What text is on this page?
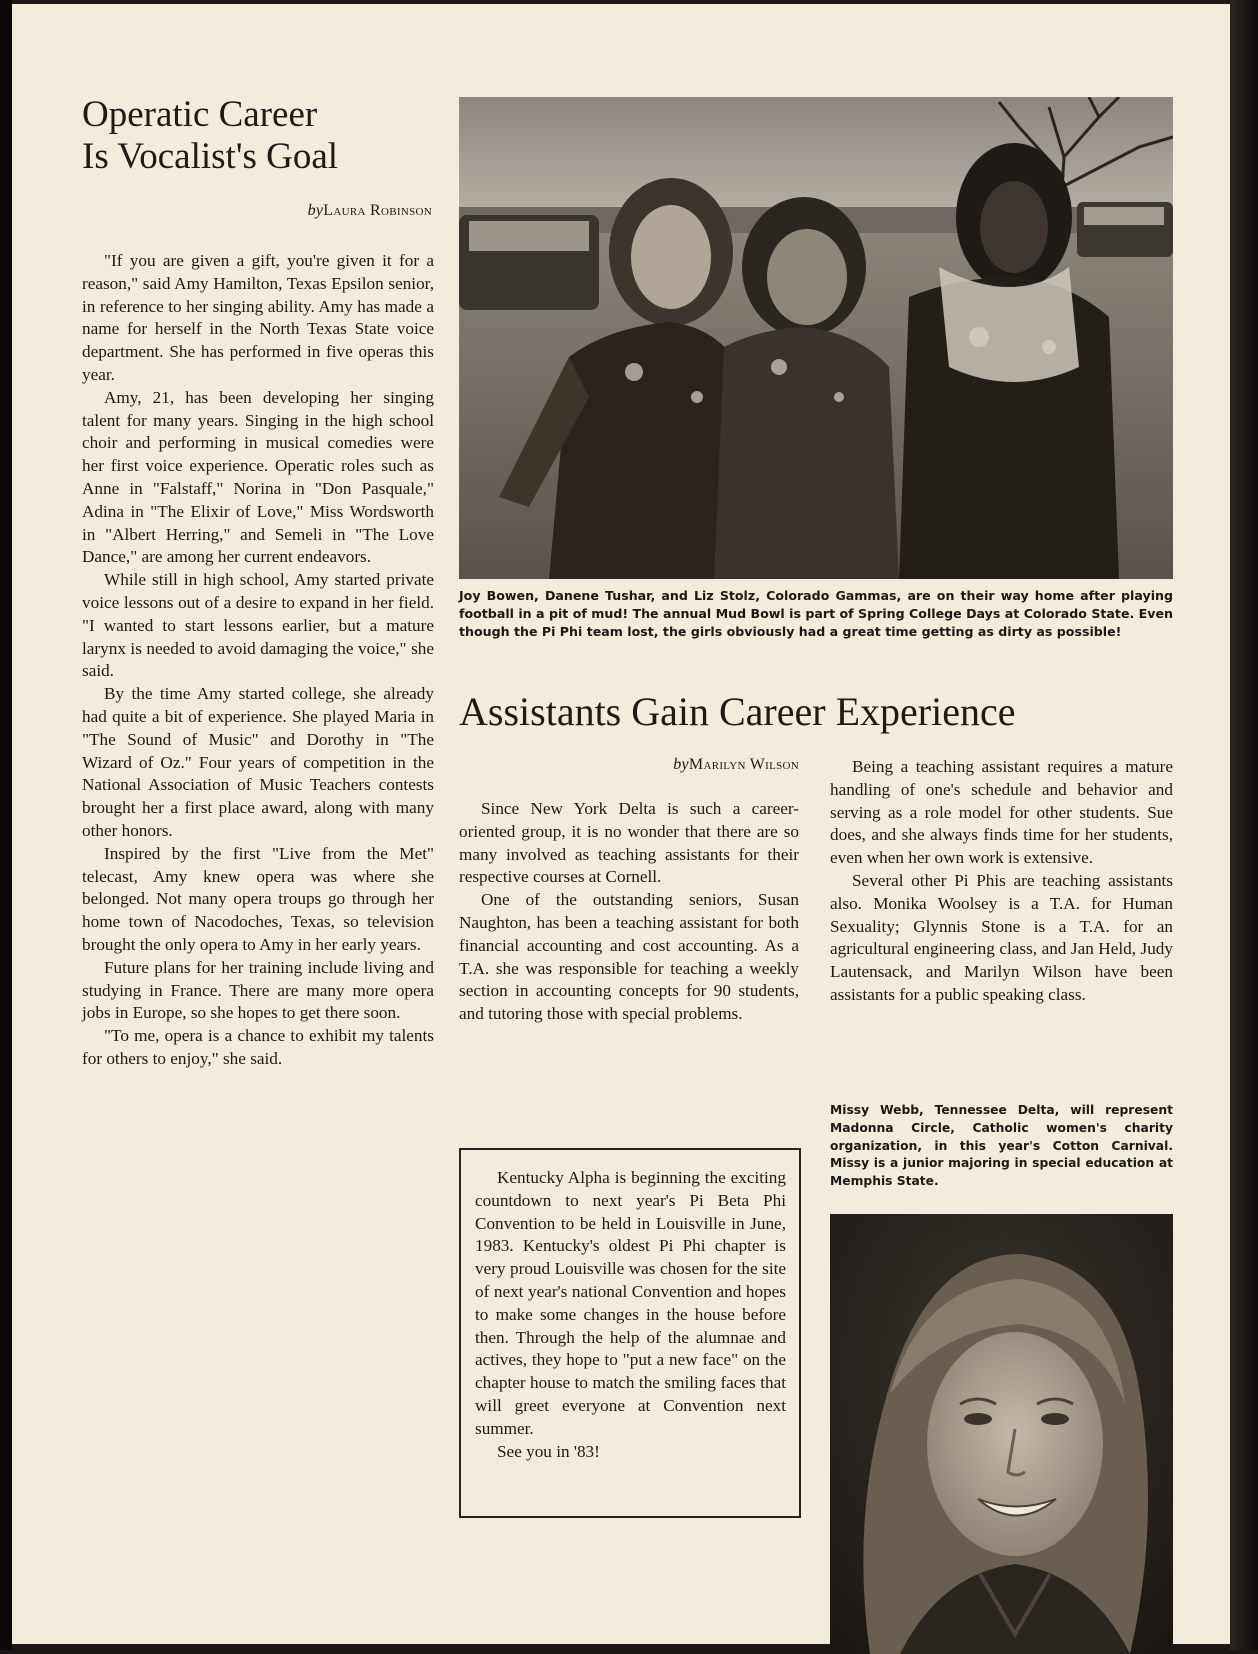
Operatic Career
Is Vocalist's Goal
byLaura Robinson

"If you are given a gift, you're given it for a reason," said Amy Hamilton, Texas Epsilon senior, in reference to her singing ability. Amy has made a name for herself in the North Texas State voice department. She has performed in five operas this year.

Amy, 21, has been developing her singing talent for many years. Singing in the high school choir and performing in musical comedies were her first voice experience. Operatic roles such as Anne in "Falstaff," Norina in "Don Pasquale," Adina in "The Elixir of Love," Miss Wordsworth in "Albert Herring," and Semeli in "The Love Dance," are among her current endeavors.

While still in high school, Amy started private voice lessons out of a desire to expand in her field. "I wanted to start lessons earlier, but a mature larynx is needed to avoid damaging the voice," she said.

By the time Amy started college, she already had quite a bit of experience. She played Maria in "The Sound of Music" and Dorothy in "The Wizard of Oz." Four years of competition in the National Association of Music Teachers contests brought her a first place award, along with many other honors.

Inspired by the first "Live from the Met" telecast, Amy knew opera was where she belonged. Not many opera troups go through her home town of Nacodoches, Texas, so television brought the only opera to Amy in her early years.

Future plans for her training include living and studying in France. There are many more opera jobs in Europe, so she hopes to get there soon.

"To me, opera is a chance to exhibit my talents for others to enjoy," she said.

Joy Bowen, Danene Tushar, and Liz Stolz, Colorado Gammas, are on their way home after playing football in a pit of mud! The annual Mud Bowl is part of Spring College Days at Colorado State. Even though the Pi Phi team lost, the girls obviously had a great time getting as dirty as possible!
Assistants Gain Career Experience
byMarilyn Wilson

Since New York Delta is such a career-oriented group, it is no wonder that there are so many involved as teaching assistants for their respective courses at Cornell.

One of the outstanding seniors, Susan Naughton, has been a teaching assistant for both financial accounting and cost accounting. As a T.A. she was responsible for teaching a weekly section in accounting concepts for 90 students, and tutoring those with special problems.

Being a teaching assistant requires a mature handling of one's schedule and behavior and serving as a role model for other students. Sue does, and she always finds time for her students, even when her own work is extensive.

Several other Pi Phis are teaching assistants also. Monika Woolsey is a T.A. for Human Sexuality; Glynnis Stone is a T.A. for an agricultural engineering class, and Jan Held, Judy Lautensack, and Marilyn Wilson have been assistants for a public speaking class.

Kentucky Alpha is beginning the exciting countdown to next year's Pi Beta Phi Convention to be held in Louisville in June, 1983. Kentucky's oldest Pi Phi chapter is very proud Louisville was chosen for the site of next year's national Convention and hopes to make some changes in the house before then. Through the help of the alumnae and actives, they hope to "put a new face" on the chapter house to match the smiling faces that will greet everyone at Convention next summer.

See you in '83!

Missy Webb, Tennessee Delta, will represent Madonna Circle, Catholic women's charity organization, in this year's Cotton Carnival. Missy is a junior majoring in special education at Memphis State.
